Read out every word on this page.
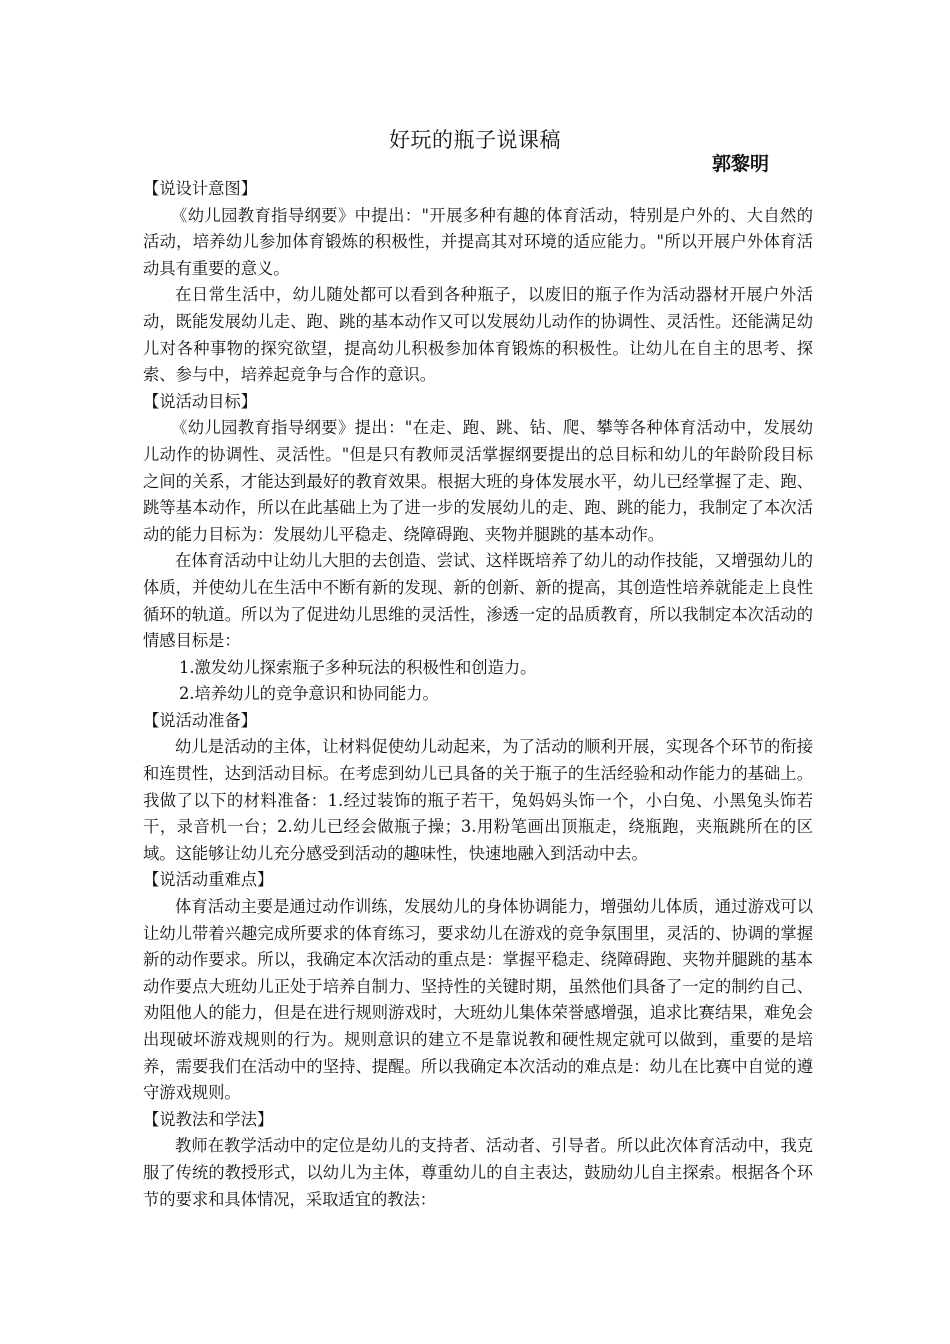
好玩的瓶子说课稿
郭黎明

【说设计意图】

《幼儿园教育指导纲要》中提出："开展多种有趣的体育活动，特别是户外的、大自然的活动，培养幼儿参加体育锻炼的积极性，并提高其对环境的适应能力。"所以开展户外体育活动具有重要的意义。

在日常生活中，幼儿随处都可以看到各种瓶子，以废旧的瓶子作为活动器材开展户外活动，既能发展幼儿走、跑、跳的基本动作又可以发展幼儿动作的协调性、灵活性。还能满足幼儿对各种事物的探究欲望，提高幼儿积极参加体育锻炼的积极性。让幼儿在自主的思考、探索、参与中，培养起竞争与合作的意识。

【说活动目标】

《幼儿园教育指导纲要》提出："在走、跑、跳、钻、爬、攀等各种体育活动中，发展幼儿动作的协调性、灵活性。"但是只有教师灵活掌握纲要提出的总目标和幼儿的年龄阶段目标之间的关系，才能达到最好的教育效果。根据大班的身体发展水平，幼儿已经掌握了走、跑、跳等基本动作，所以在此基础上为了进一步的发展幼儿的走、跑、跳的能力，我制定了本次活动的能力目标为：发展幼儿平稳走、绕障碍跑、夹物并腿跳的基本动作。

在体育活动中让幼儿大胆的去创造、尝试、这样既培养了幼儿的动作技能，又增强幼儿的体质，并使幼儿在生活中不断有新的发现、新的创新、新的提高，其创造性培养就能走上良性循环的轨道。所以为了促进幼儿思维的灵活性，渗透一定的品质教育，所以我制定本次活动的情感目标是：

1.激发幼儿探索瓶子多种玩法的积极性和创造力。

2.培养幼儿的竞争意识和协同能力。

【说活动准备】

幼儿是活动的主体，让材料促使幼儿动起来，为了活动的顺利开展，实现各个环节的衔接和连贯性，达到活动目标。在考虑到幼儿已具备的关于瓶子的生活经验和动作能力的基础上。我做了以下的材料准备：1.经过装饰的瓶子若干，兔妈妈头饰一个，小白兔、小黑兔头饰若干，录音机一台；2.幼儿已经会做瓶子操；3.用粉笔画出顶瓶走，绕瓶跑，夹瓶跳所在的区域。这能够让幼儿充分感受到活动的趣味性，快速地融入到活动中去。

【说活动重难点】

体育活动主要是通过动作训练，发展幼儿的身体协调能力，增强幼儿体质，通过游戏可以让幼儿带着兴趣完成所要求的体育练习，要求幼儿在游戏的竞争氛围里，灵活的、协调的掌握新的动作要求。所以，我确定本次活动的重点是：掌握平稳走、绕障碍跑、夹物并腿跳的基本动作要点大班幼儿正处于培养自制力、坚持性的关键时期，虽然他们具备了一定的制约自己、劝阻他人的能力，但是在进行规则游戏时，大班幼儿集体荣誉感增强，追求比赛结果，难免会出现破坏游戏规则的行为。规则意识的建立不是靠说教和硬性规定就可以做到，重要的是培养，需要我们在活动中的坚持、提醒。所以我确定本次活动的难点是：幼儿在比赛中自觉的遵守游戏规则。

【说教法和学法】

教师在教学活动中的定位是幼儿的支持者、活动者、引导者。所以此次体育活动中，我克服了传统的教授形式，以幼儿为主体，尊重幼儿的自主表达，鼓励幼儿自主探索。根据各个环节的要求和具体情况，采取适宜的教法：
